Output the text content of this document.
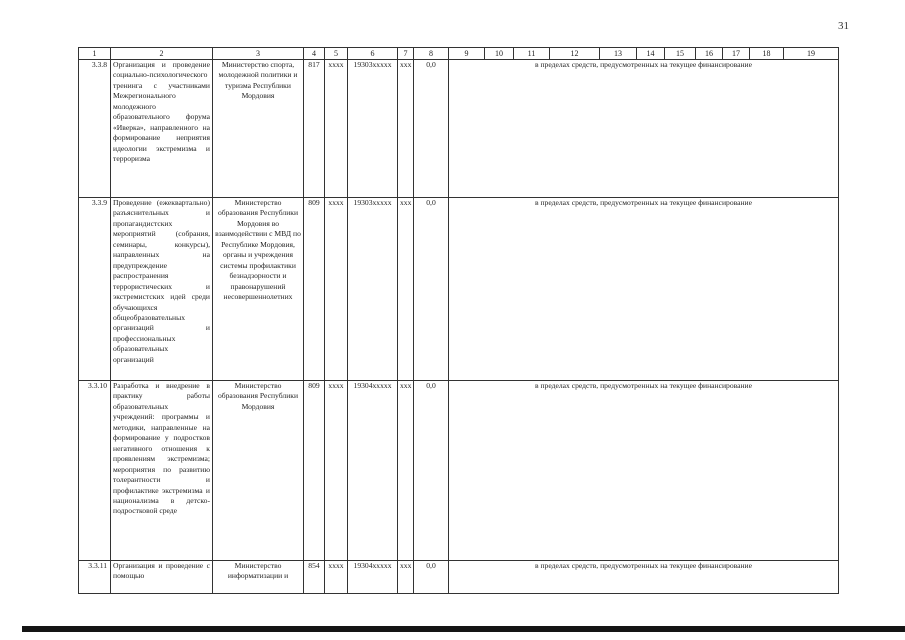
31
1	2	3	4	5	6	7	8	9	10	11	12	13	14	15	16	17	18	19
3.3.8	Организация и проведение социально-психологического тренинга с участниками Межрегионального молодежного образовательного форума «Иверка», направленного на формирование неприятия идеологии экстремизма и терроризма	Министерство спорта, молодежной политики и туризма Республики Мордовия	817	хххх	19303ххххх	ххх	0,0	в пределах средств, предусмотренных на текущее финансирование										
3.3.9	Проведение (ежеквартально) разъяснительных и пропагандистских мероприятий (собрания, семинары, конкурсы), направленных на предупреждение распространения террористических и экстремистских идей среди обучающихся общеобразовательных организаций и профессиональных образовательных организаций	Министерство образования Республики Мордовия во взаимодействии с МВД по Республике Мордовия, органы и учреждения системы профилактики безнадзорности и правонарушений несовершеннолетних	809	хххх	19303ххххх	ххх	0,0	в пределах средств, предусмотренных на текущее финансирование										
3.3.10	Разработка и внедрение в практику работы образовательных учреждений: программы и методики, направленные на формирование у подростков негативного отношения к проявлениям экстремизма; мероприятия по развитию толерантности и профилактике экстремизма и национализма в детско-подростковой среде	Министерство образования Республики Мордовия	809	хххх	19304ххххх	ххх	0,0	в пределах средств, предусмотренных на текущее финансирование										
3.3.11	Организация и проведение с помощью	Министерство информатизации и	854	хххх	19304ххххх	ххх	0,0	в пределах средств, предусмотренных на текущее финансирование										
